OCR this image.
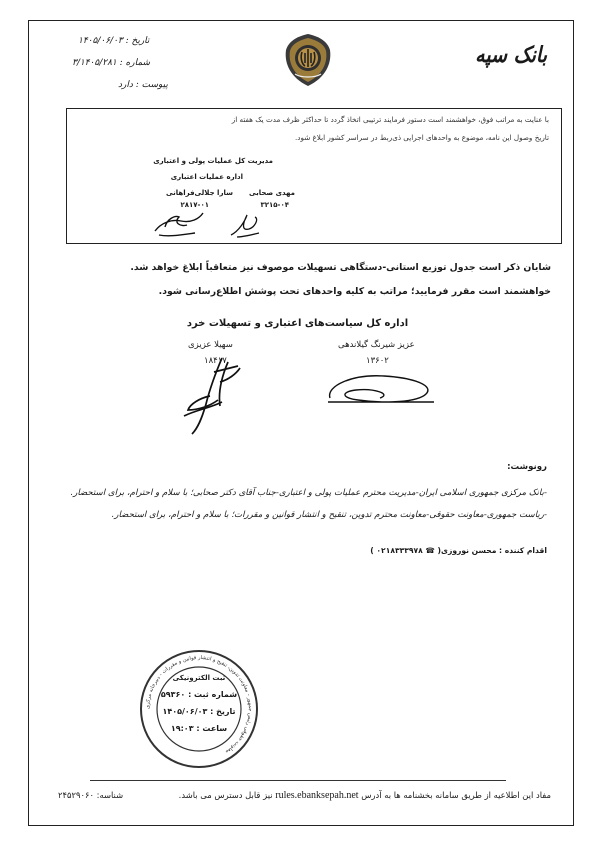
تاریخ : ۱۴۰۵/۰۶/۰۳
شماره : ۳/۱۴۰۵/۲۸۱
پیوست : دارد
بانک سپه
با عنایت به مراتب فوق، خواهشمند است دستور فرمایند ترتیبی اتخاذ گردد تا حداکثر ظرف مدت یک هفته از
تاریخ وصول این نامه، موضوع به واحدهای اجرایی ذی‌ربط در سراسر کشور ابلاغ شود.
مدیریت کل عملیات پولی و اعتباری
اداره عملیات اعتباری
مهدی صحابی
۳۲۱۵-۰۴
سارا جلالی‌فراهانی
۲۸۱۷-۰۱
شایان ذکر است جدول توزیع استانی-دستگاهی تسهیلات موصوف نیز متعاقباً ابلاغ خواهد شد.
خواهشمند است مقرر فرمایید؛ مراتب به کلیه واحدهای تحت پوشش اطلاع‌رسانی شود.
اداره کل سیاست‌های اعتباری و تسهیلات خرد
عزیز شیرنگ گیلاندهی
۱۳۶۰۲
سهیلا عزیزی
۱۸۴۱۷
رونوشت:
-بانک مرکزی جمهوری اسلامی ایران-مدیریت محترم عملیات پولی و اعتباری-جناب آقای دکتر صحابی؛ با سلام و احترام، برای استحضار.
-ریاست جمهوری-معاونت حقوقی-معاونت محترم تدوین، تنقیح و انتشار قوانین و مقررات؛ با سلام و احترام، برای استحضار.
اقدام کننده : محسن نوروزی( ☎ ۰۲۱۸۳۳۳۹۷۸ )
معاونت حقوقی رئیس جمهور - معاونت تدوین، تنقیح و انتشار قوانین و مقررات - دبیرخانه مرکزی
ثبت الکترونیکی
شماره ثبت : ۵۹۳۶۰
تاریخ : ۱۴۰۵/۰۶/۰۳
ساعت : ۱۹:۰۳
مفاد این اطلاعیه از طریق سامانه بخشنامه ها به آدرس rules.ebanksepah.net نیز قابل دسترس می باشد.
شناسه: ۲۴۵۲۹۰۶۰
